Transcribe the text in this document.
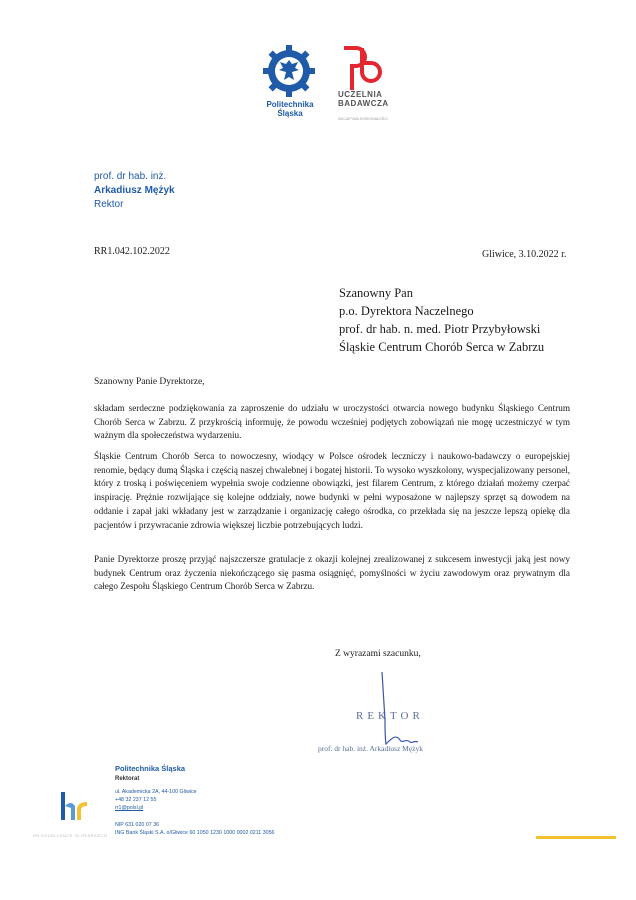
Politechnika
Śląska
UCZELNIA
BADAWCZA
INICJATYWA DOSKONAŁOŚCI
prof. dr hab. inż.
Arkadiusz Mężyk
Rektor
RR1.042.102.2022	Gliwice, 3.10.2022 r.
Szanowny Pan
p.o. Dyrektora Naczelnego
prof. dr hab. n. med. Piotr Przybyłowski
Śląskie Centrum Chorób Serca w Zabrzu
Szanowny Panie Dyrektorze,

składam serdeczne podziękowania za zaproszenie do udziału w uroczystości otwarcia nowego budynku Śląskiego Centrum Chorób Serca w Zabrzu. Z przykrością informuję, że powodu wcześniej podjętych zobowiązań nie mogę uczestniczyć w tym ważnym dla społeczeństwa wydarzeniu.

Śląskie Centrum Chorób Serca to nowoczesny, wiodący w Polsce ośrodek leczniczy i naukowo-badawczy o europejskiej renomie, będący dumą Śląska i częścią naszej chwalebnej i bogatej historii. To wysoko wyszkolony, wyspecjalizowany personel, który z troską i poświęceniem wypełnia swoje codzienne obowiązki, jest filarem Centrum, z którego działań możemy czerpać inspirację. Prężnie rozwijające się kolejne oddziały, nowe budynki w pełni wyposażone w najlepszy sprzęt są dowodem na oddanie i zapał jaki wkładany jest w zarządzanie i organizację całego ośrodka, co przekłada się na jeszcze lepszą opiekę dla pacjentów i przywracanie zdrowia większej liczbie potrzebujących ludzi.

Panie Dyrektorze proszę przyjąć najszczersze gratulacje z okazji kolejnej zrealizowanej z sukcesem inwestycji jaką jest nowy budynek Centrum oraz życzenia niekończącego się pasma osiągnięć, pomyślności w życiu zawodowym oraz prywatnym dla całego Zespołu Śląskiego Centrum Chorób Serca w Zabrzu.

Z wyrazami szacunku,
REKTOR
prof. dr hab. inż. Arkadiusz Mężyk
HR EXCELLENCE IN RESEARCH
Politechnika Śląska
Rektorat
ul. Akademicka 2A, 44-100 Gliwice
+48 32 237 12 55
rr1@polsl.pl
NIP 631 020 07 36
ING Bank Śląski S.A. o/Gliwice 60 1050 1230 1000 0002 0211 3056
